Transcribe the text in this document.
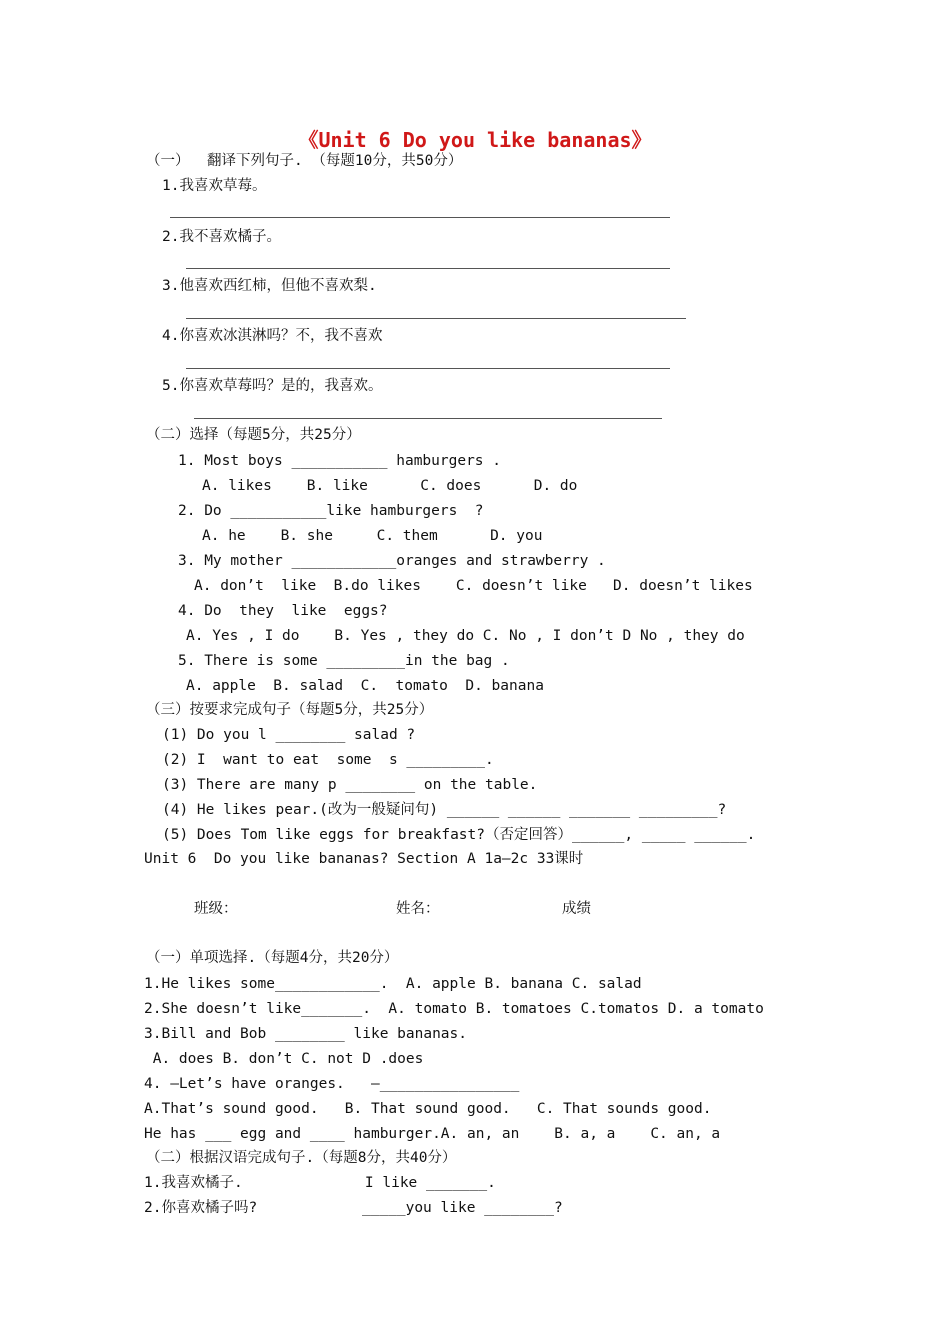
《Unit 6 Do you like bananas》
（一）  翻译下列句子. （每题10分，共50分）
1.我喜欢草莓。
2.我不喜欢橘子。
3.他喜欢西红柿，但他不喜欢梨.
4.你喜欢冰淇淋吗？不，我不喜欢
5.你喜欢草莓吗？是的，我喜欢。
（二）选择（每题5分，共25分）
1. Most boys ___________ hamburgers .
A. likes    B. like      C. does      D. do
2. Do ___________like hamburgers  ?
A. he    B. she     C. them      D. you
3. My mother ____________oranges and strawberry .
A. don’t  like  B.do likes    C. doesn’t like   D. doesn’t likes
4. Do  they  like  eggs?
A. Yes , I do    B. Yes , they do C. No , I don’t D No , they do
5. There is some _________in the bag .
A. apple  B. salad  C.  tomato  D. banana
（三）按要求完成句子（每题5分，共25分）
(1) Do you l ________ salad ?
(2) I  want to eat  some  s _________.
(3) There are many p ________ on the table.
(4) He likes pear.(改为一般疑问句) ______ ______ _______ _________?
(5) Does Tom like eggs for breakfast?（否定回答）______, _____ ______.
Unit 6  Do you like bananas? Section A 1a—2c 33课时
班级：	姓名：	成绩
（一）单项选择.（每题4分，共20分）
1.He likes some____________.  A. apple B. banana C. salad
2.She doesn’t like_______.  A. tomato B. tomatoes C.tomatos D. a tomato
3.Bill and Bob ________ like bananas.
A. does B. don’t C. not D .does
4. —Let’s have oranges.   —________________
A.That’s sound good.   B. That sound good.   C. That sounds good.
He has ___ egg and ____ hamburger.A. an, an    B. a, a    C. an, a
（二）根据汉语完成句子.（每题8分，共40分）
1.我喜欢橘子.              I like _______.
2.你喜欢橘子吗?            _____you like ________?
